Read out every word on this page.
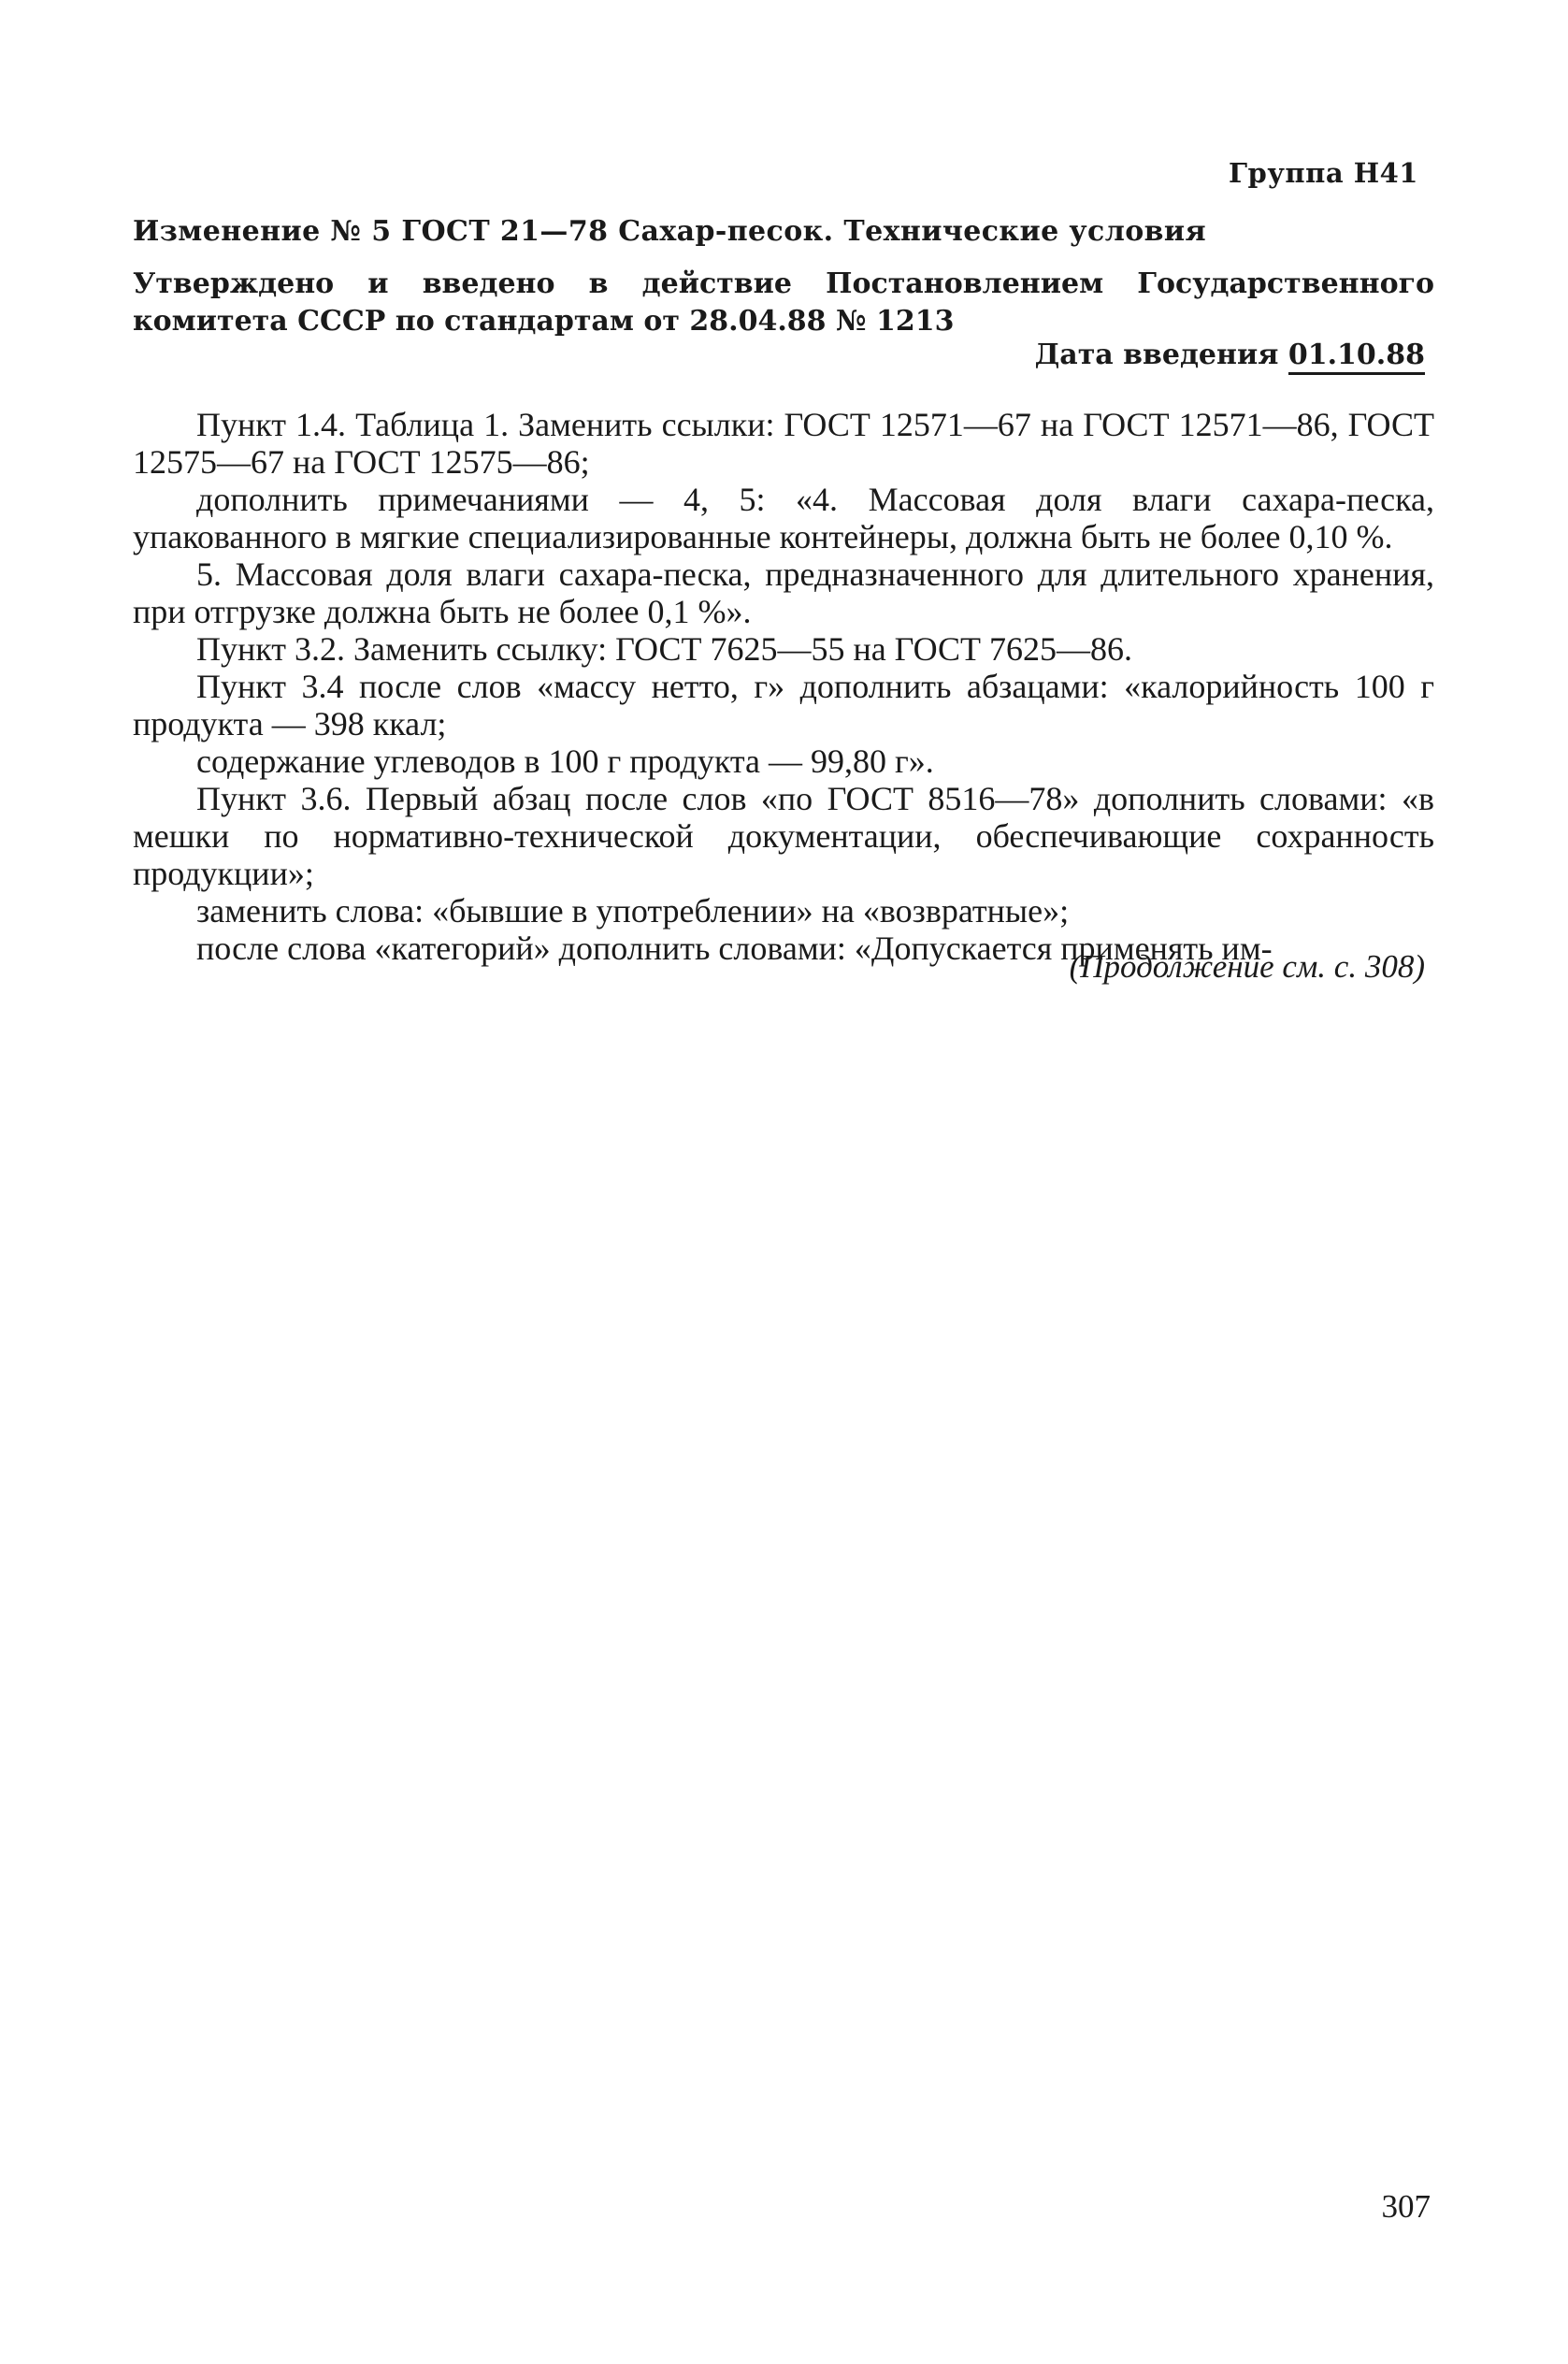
Группа Н41
Изменение № 5 ГОСТ 21—78 Сахар-песок. Технические условия
Утверждено и введено в действие Постановлением Государственного комитета СССР по стандартам от 28.04.88 № 1213
Дата введения 01.10.88

Пункт 1.4. Таблица 1. Заменить ссылки: ГОСТ 12571—67 на ГОСТ 12571—86, ГОСТ 12575—67 на ГОСТ 12575—86;

дополнить примечаниями — 4, 5: «4. Массовая доля влаги сахара-песка, упакованного в мягкие специализированные контейнеры, должна быть не более 0,10 %.

5. Массовая доля влаги сахара-песка, предназначенного для длительного хранения, при отгрузке должна быть не более 0,1 %».

Пункт 3.2. Заменить ссылку: ГОСТ 7625—55 на ГОСТ 7625—86.

Пункт 3.4 после слов «массу нетто, г» дополнить абзацами: «калорийность 100 г продукта — 398 ккал;

содержание углеводов в 100 г продукта — 99,80 г».

Пункт 3.6. Первый абзац после слов «по ГОСТ 8516—78» дополнить словами: «в мешки по нормативно-технической документации, обеспечивающие сохранность продукции»;

заменить слова: «бывшие в употреблении» на «возвратные»;

после слова «категорий» дополнить словами: «Допускается применять им-

(Продолжение см. с. 308)
307
